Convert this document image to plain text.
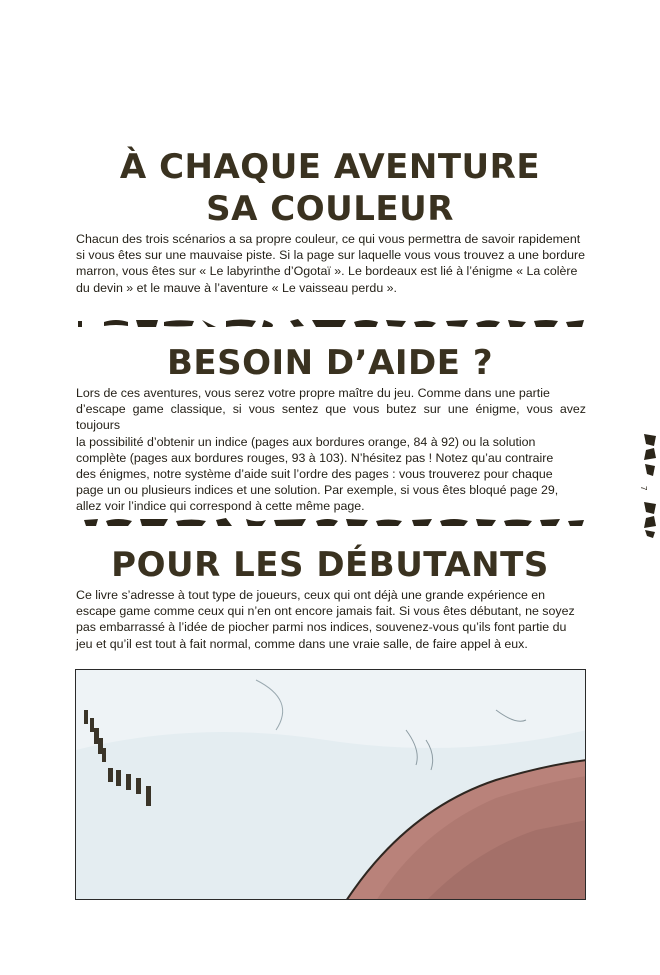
À CHAQUE AVENTURE
SA COULEUR
Chacun des trois scénarios a sa propre couleur, ce qui vous permettra de savoir rapidement
si vous êtes sur une mauvaise piste. Si la page sur laquelle vous vous trouvez a une bordure
marron, vous êtes sur « Le labyrinthe d’Ogotaï ». Le bordeaux est lié à l’énigme « La colère
du devin » et le mauve à l’aventure « Le vaisseau perdu ».
BESOIN D’AIDE ?
Lors de ces aventures, vous serez votre propre maître du jeu. Comme dans une partie
d’escape game classique, si vous sentez que vous butez sur une énigme, vous avez toujours
la possibilité d’obtenir un indice (pages aux bordures orange, 84 à 92) ou la solution
complète (pages aux bordures rouges, 93 à 103). N’hésitez pas ! Notez qu’au contraire
des énigmes, notre système d’aide suit l’ordre des pages : vous trouverez pour chaque
page un ou plusieurs indices et une solution. Par exemple, si vous êtes bloqué page 29,
allez voir l’indice qui correspond à cette même page.
POUR LES DÉBUTANTS
Ce livre s’adresse à tout type de joueurs, ceux qui ont déjà une grande expérience en
escape game comme ceux qui n’en ont encore jamais fait. Si vous êtes débutant, ne soyez
pas embarrassé à l’idée de piocher parmi nos indices, souvenez-vous qu’ils font partie du
jeu et qu’il est tout à fait normal, comme dans une vraie salle, de faire appel à eux.
7
